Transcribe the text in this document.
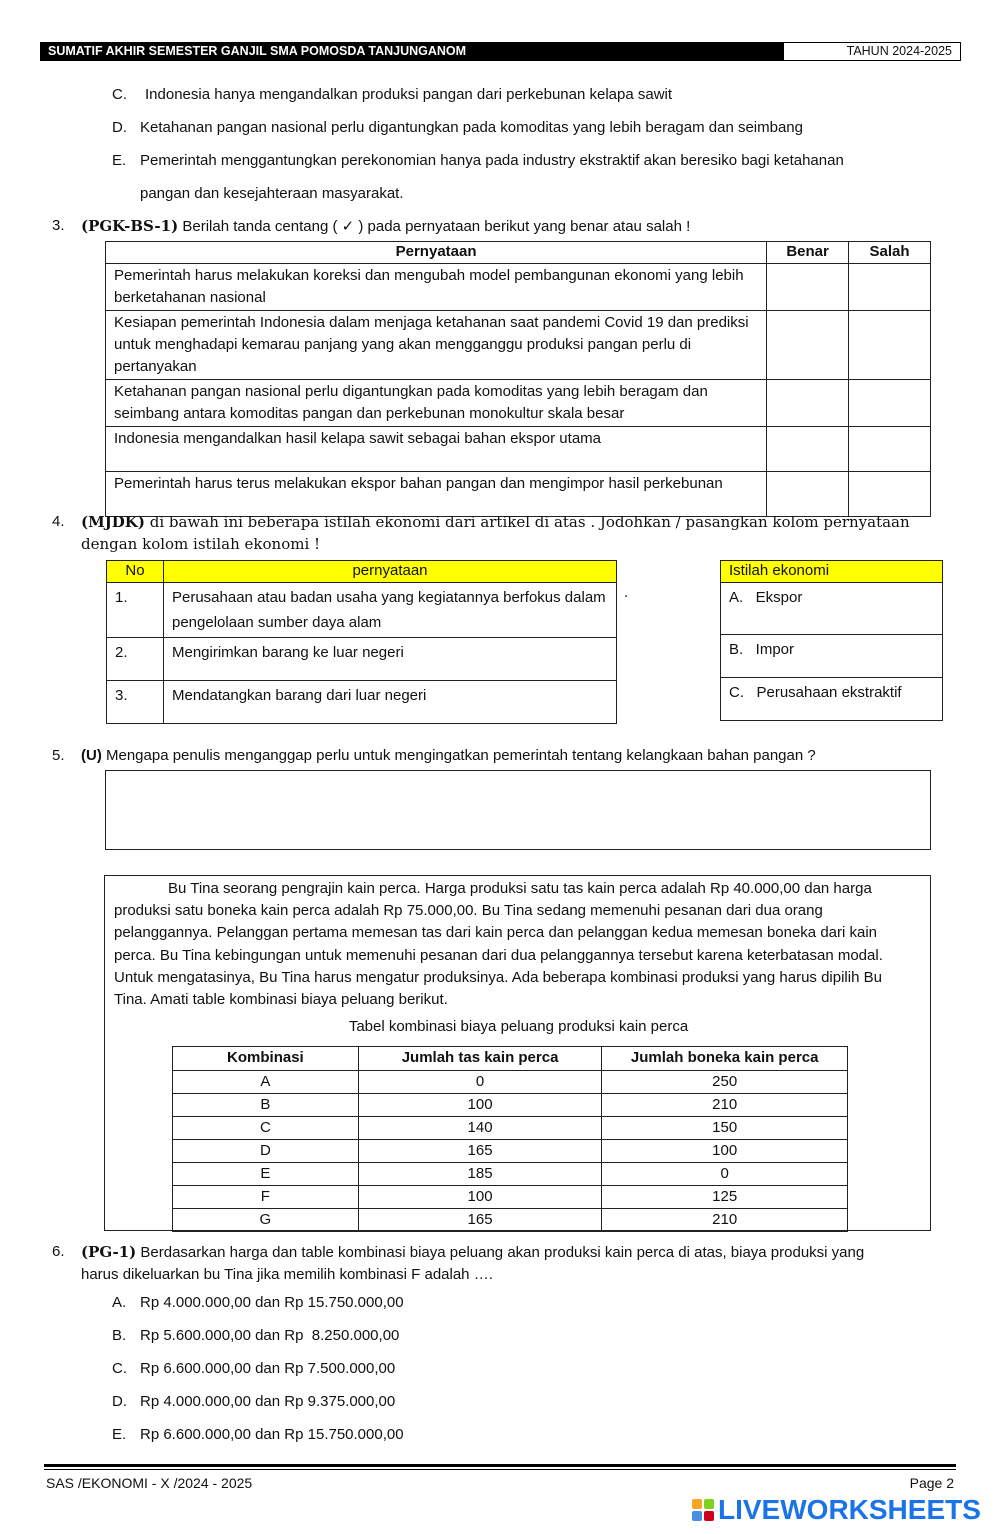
SUMATIF AKHIR SEMESTER GANJIL SMA POMOSDA TANJUNGANOM	TAHUN 2024-2025
C. Indonesia hanya mengandalkan produksi pangan dari perkebunan kelapa sawit
D. Ketahanan pangan nasional perlu digantungkan pada komoditas yang lebih beragam dan seimbang
E. Pemerintah menggantungkan perekonomian hanya pada industry ekstraktif akan beresiko bagi ketahanan
pangan dan kesejahteraan masyarakat.
3. (PGK-BS-1) Berilah tanda centang ( ✓ ) pada pernyataan berikut yang benar atau salah !
Pernyataan	Benar	Salah
Pemerintah harus melakukan koreksi dan mengubah model pembangunan ekonomi yang lebih berketahanan nasional		
Kesiapan pemerintah Indonesia dalam menjaga ketahanan saat pandemi Covid 19 dan prediksi untuk menghadapi kemarau panjang yang akan mengganggu produksi pangan perlu di pertanyakan		
Ketahanan pangan nasional perlu digantungkan pada komoditas yang lebih beragam dan seimbang antara komoditas pangan dan perkebunan monokultur skala besar		
Indonesia mengandalkan hasil kelapa sawit sebagai bahan ekspor utama		
Pemerintah harus terus melakukan ekspor bahan pangan dan mengimpor hasil perkebunan		
4. (MJDK) di bawah ini beberapa istilah ekonomi dari artikel di atas . Jodohkan / pasangkan kolom pernyataan
dengan kolom istilah ekonomi !
No	pernyataan
1.	Perusahaan atau badan usaha yang kegiatannya berfokus dalam pengelolaan sumber daya alam
2.	Mengirimkan barang ke luar negeri
3.	Mendatangkan barang dari luar negeri
.
Istilah ekonomi
A.   Ekspor
B.   Impor
C.   Perusahaan ekstraktif
5. (U) Mengapa penulis menganggap perlu untuk mengingatkan pemerintah tentang kelangkaan bahan pangan ?

Bu Tina seorang pengrajin kain perca. Harga produksi satu tas kain perca adalah Rp 40.000,00 dan harga produksi satu boneka kain perca adalah Rp 75.000,00. Bu Tina sedang memenuhi pesanan dari dua orang pelanggannya. Pelanggan pertama memesan tas dari kain perca dan pelanggan kedua memesan boneka dari kain perca. Bu Tina kebingungan untuk memenuhi pesanan dari dua pelanggannya tersebut karena keterbatasan modal. Untuk mengatasinya, Bu Tina harus mengatur produksinya. Ada beberapa kombinasi produksi yang harus dipilih Bu Tina. Amati table kombinasi biaya peluang berikut.

Tabel kombinasi biaya peluang produksi kain perca
Kombinasi	Jumlah tas kain perca	Jumlah boneka kain perca
A	0	250
B	100	210
C	140	150
D	165	100
E	185	0
F	100	125
G	165	210
6. (PG-1) Berdasarkan harga dan table kombinasi biaya peluang akan produksi kain perca di atas, biaya produksi yang
harus dikeluarkan bu Tina jika memilih kombinasi F adalah ….
A. Rp 4.000.000,00 dan Rp 15.750.000,00
B. Rp 5.600.000,00 dan Rp  8.250.000,00
C. Rp 6.600.000,00 dan Rp 7.500.000,00
D. Rp 4.000.000,00 dan Rp 9.375.000,00
E. Rp 6.600.000,00 dan Rp 15.750.000,00
SAS /EKONOMI - X /2024 - 2025	Page 2
LIVEWORKSHEETS
